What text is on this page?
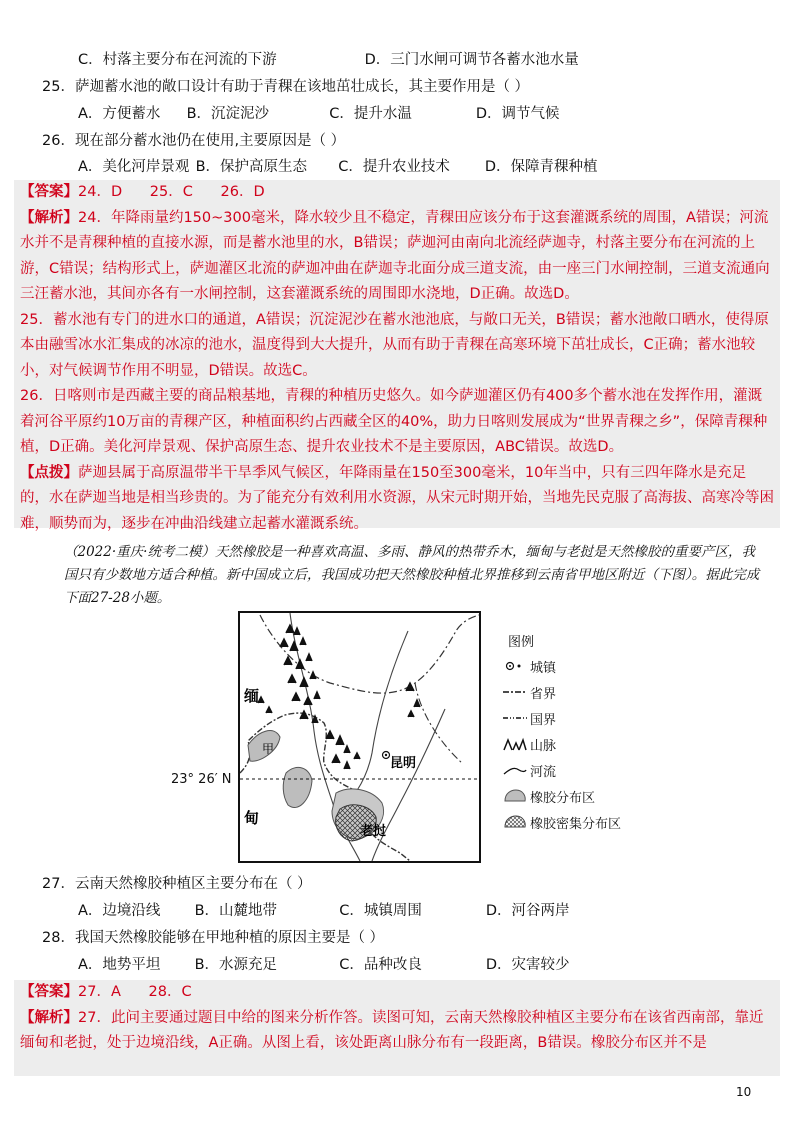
C．村落主要分布在河流的下游	D．三门水闸可调节各蓄水池水量
25．萨迦蓄水池的敞口设计有助于青稞在该地茁壮成长，其主要作用是（ ）
A．方便蓄水 B．沉淀泥沙	C．提升水温	D．调节气候
26．现在部分蓄水池仍在使用,主要原因是（ ）
A．美化河岸景观 B．保护高原生态 C．提升农业技术 D．保障青稞种植

【答案】24．D      25．C      26．D

【解析】24．年降雨量约150~300毫米，降水较少且不稳定，青稞田应该分布于这套灌溉系统的周围，A错误；河流水并不是青稞种植的直接水源，而是蓄水池里的水，B错误；萨迦河由南向北流经萨迦寺，村落主要分布在河流的上游，C错误；结构形式上，萨迦灌区北流的萨迦冲曲在萨迦寺北面分成三道支流，由一座三门水闸控制，三道支流通向三汪蓄水池，其间亦各有一水闸控制，这套灌溉系统的周围即水浇地，D正确。故选D。

25．蓄水池有专门的进水口的通道，A错误；沉淀泥沙在蓄水池池底，与敞口无关，B错误；蓄水池敞口晒水，使得原本由融雪冰水汇集成的冰凉的池水，温度得到大大提升，从而有助于青稞在高寒环境下茁壮成长，C正确；蓄水池较小，对气候调节作用不明显，D错误。故选C。

26．日喀则市是西藏主要的商品粮基地，青稞的种植历史悠久。如今萨迦灌区仍有400多个蓄水池在发挥作用，灌溉着河谷平原约10万亩的青稞产区，种植面积约占西藏全区的40%，助力日喀则发展成为“世界青稞之乡”，保障青稞种植，D正确。美化河岸景观、保护高原生态、提升农业技术不是主要原因，ABC错误。故选D。

【点拨】萨迦县属于高原温带半干旱季风气候区，年降雨量在150至300毫米，10年当中，只有三四年降水是充足的，水在萨迦当地是相当珍贵的。为了能充分有效利用水资源，从宋元时期开始，当地先民克服了高海拔、高寒冷等困难，顺势而为，逐步在冲曲沿线建立起蓄水灌溉系统。

（2022·重庆·统考二模）天然橡胶是一种喜欢高温、多雨、静风的热带乔木，缅甸与老挝是天然橡胶的重要产区，我国只有少数地方适合种植。新中国成立后，我国成功把天然橡胶种植北界推移到云南省甲地区附近（下图）。据此完成下面27-28小题。
缅
甸
甲
昆明
老挝
23° 26′ N
图例
城镇
省界
国界
山脉
河流
橡胶分布区
橡胶密集分布区
27．云南天然橡胶种植区主要分布在（ ）
A．边境沿线 B．山麓地带	C．城镇周围	D．河谷两岸
28．我国天然橡胶能够在甲地种植的原因主要是（ ）
A．地势平坦 B．水源充足	C．品种改良	D．灾害较少

【答案】27．A      28．C

【解析】27．此问主要通过题目中给的图来分析作答。读图可知，云南天然橡胶种植区主要分布在该省西南部，靠近缅甸和老挝，处于边境沿线，A正确。从图上看，该处距离山脉分布有一段距离，B错误。橡胶分布区并不是

10
